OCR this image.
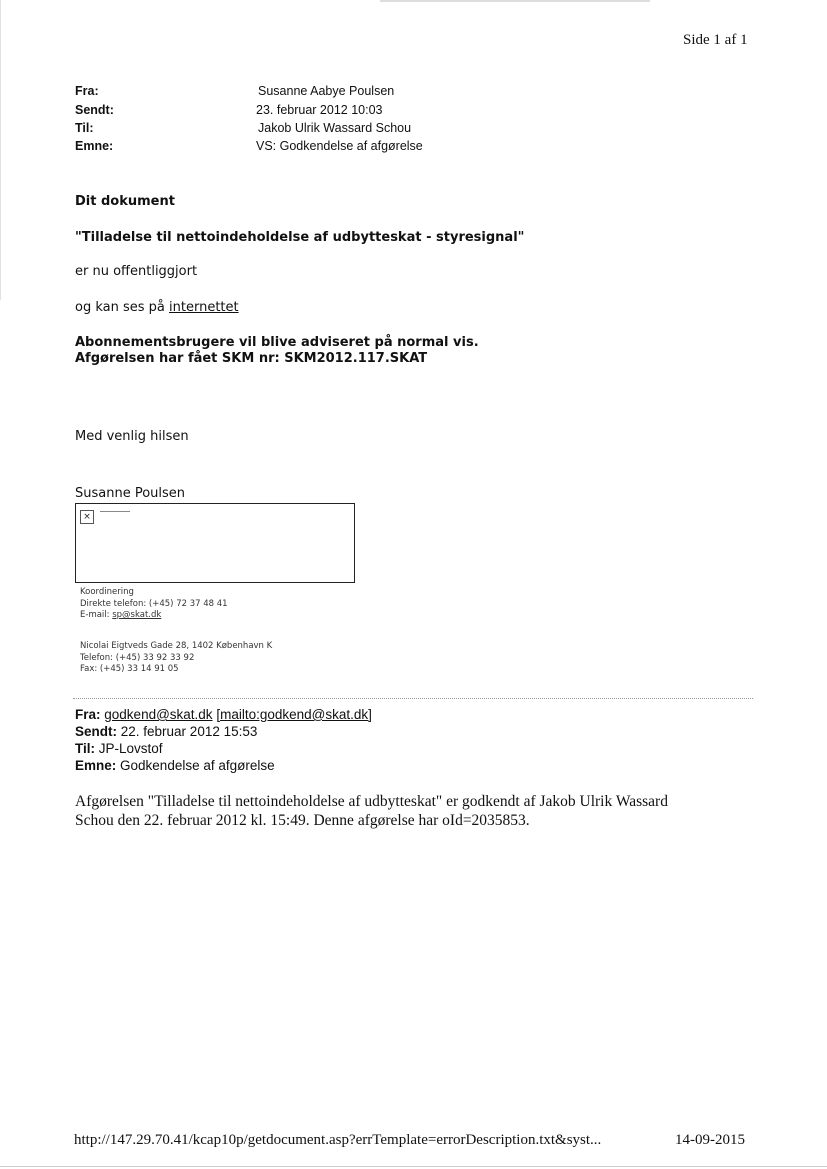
Side 1 af 1
Fra:	Susanne Aabye Poulsen
Sendt:	23. februar 2012 10:03
Til:	Jakob Ulrik Wassard Schou
Emne:	VS: Godkendelse af afgørelse
Dit dokument
"Tilladelse til nettoindeholdelse af udbytteskat - styresignal"
er nu offentliggjort
og kan ses på internettet
Abonnementsbrugere vil blive adviseret på normal vis.
Afgørelsen har fået SKM nr: SKM2012.117.SKAT
Med venlig hilsen
Susanne Poulsen
×
Koordinering
Direkte telefon: (+45) 72 37 48 41
E-mail: sp@skat.dk
Nicolai Eigtveds Gade 28, 1402 København K
Telefon: (+45) 33 92 33 92
Fax: (+45) 33 14 91 05
Fra: godkend@skat.dk [mailto:godkend@skat.dk]
Sendt: 22. februar 2012 15:53
Til: JP-Lovstof
Emne: Godkendelse af afgørelse
Afgørelsen "Tilladelse til nettoindeholdelse af udbytteskat" er godkendt af Jakob Ulrik Wassard
Schou den 22. februar 2012 kl. 15:49. Denne afgørelse har oId=2035853.
http://147.29.70.41/kcap10p/getdocument.asp?errTemplate=errorDescription.txt&syst...	14-09-2015
